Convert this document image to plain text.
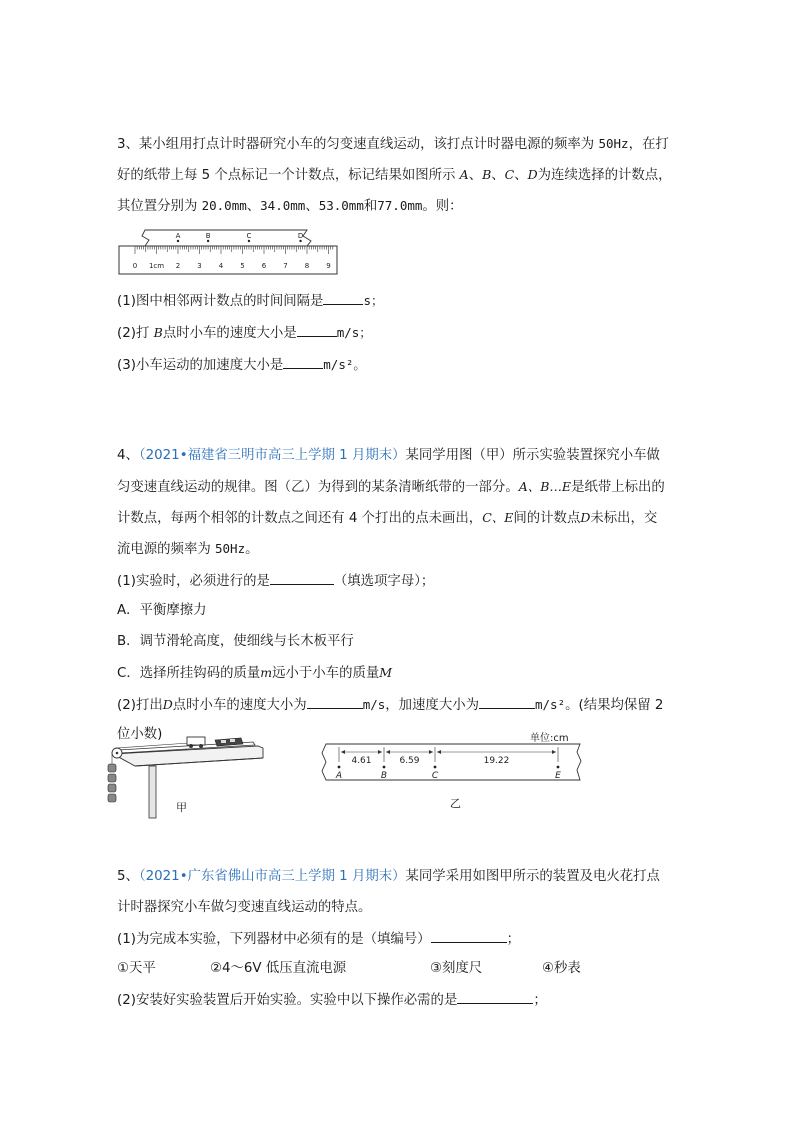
3、某小组用打点计时器研究小车的匀变速直线运动，该打点计时器电源的频率为 50Hz，在打
好的纸带上每 5 个点标记一个计数点，标记结果如图所示 A、B、C、D为连续选择的计数点，
其位置分别为 20.0mm、34.0mm、53.0mm和77.0mm。则：
0 1cm 2 3 4 5 6 7 8 9
A	B	C	D
(1)图中相邻两计数点的时间间隔是	s；
(2)打 B点时小车的速度大小是	m/s；
(3)小车运动的加速度大小是	m/s²。
4、（2021•福建省三明市高三上学期 1 月期末）某同学用图（甲）所示实验装置探究小车做
匀变速直线运动的规律。图（乙）为得到的某条清晰纸带的一部分。A、B…E是纸带上标出的
计数点，每两个相邻的计数点之间还有 4 个打出的点未画出，C、E间的计数点D未标出，交
流电源的频率为 50Hz。
(1)实验时，必须进行的是	（填选项字母）；
A．平衡摩擦力
B．调节滑轮高度，使细线与长木板平行
C．选择所挂钩码的质量m远小于小车的质量M
(2)打出D点时小车的速度大小为	m/s，加速度大小为	m/s²。(结果均保留 2
位小数)
甲
单位:cm
4.61	6.59	19.22
A	B	C	E
乙
5、（2021•广东省佛山市高三上学期 1 月期末）某同学采用如图甲所示的装置及电火花打点
计时器探究小车做匀变速直线运动的特点。
(1)为完成本实验，下列器材中必须有的是（填编号）	；
①天平	②4～6V 低压直流电源	③刻度尺	④秒表
(2)安装好实验装置后开始实验。实验中以下操作必需的是	；
